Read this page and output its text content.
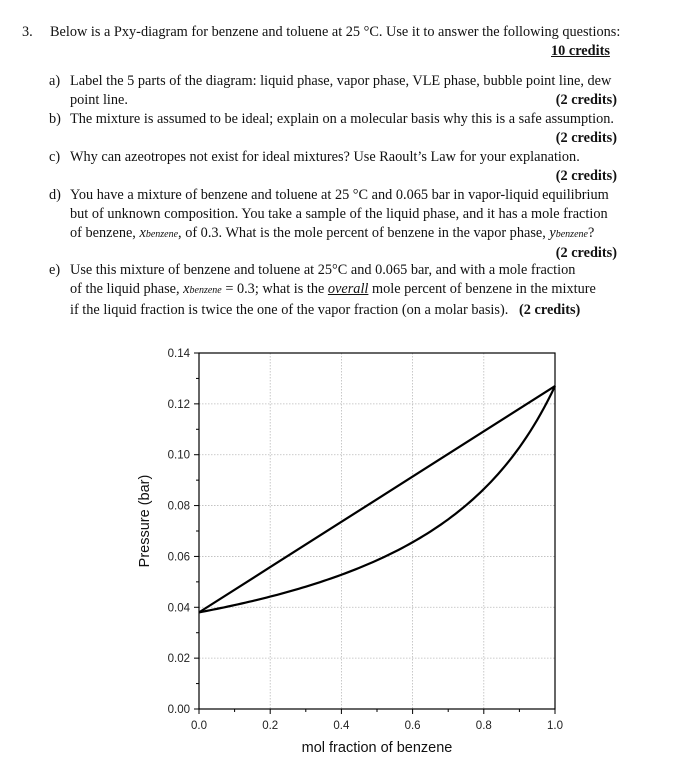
3. Below is a Pxy-diagram for benzene and toluene at 25 °C. Use it to answer the following questions:
10 credits
a) Label the 5 parts of the diagram: liquid phase, vapor phase, VLE phase, bubble point line, dew
point line.	(2 credits)
b) The mixture is assumed to be ideal; explain on a molecular basis why this is a safe assumption.
(2 credits)
c) Why can azeotropes not exist for ideal mixtures? Use Raoult’s Law for your explanation.
(2 credits)
d) You have a mixture of benzene and toluene at 25 °C and 0.065 bar in vapor-liquid equilibrium
but of unknown composition. You take a sample of the liquid phase, and it has a mole fraction
of benzene, xbenzene, of 0.3. What is the mole percent of benzene in the vapor phase, ybenzene?
(2 credits)
e) Use this mixture of benzene and toluene at 25°C and 0.065 bar, and with a mole fraction
of the liquid phase, xbenzene = 0.3; what is the overall mole percent of benzene in the mixture
if the liquid fraction is twice the one of the vapor fraction (on a molar basis). (2 credits)
0.00
0.02
0.04
0.06
0.08
0.10
0.12
0.14
0.0	0.2	0.4	0.6	0.8	1.0
mol fraction of benzene
Pressure (bar)
